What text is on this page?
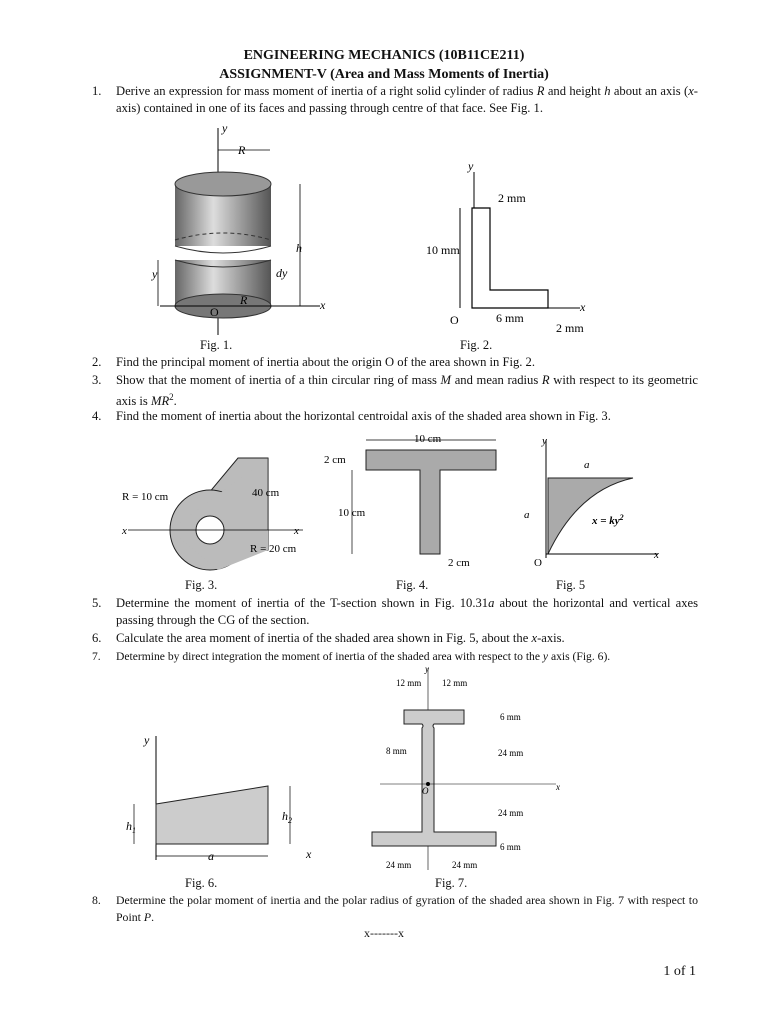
ENGINEERING MECHANICS (10B11CE211)
ASSIGNMENT-V (Area and Mass Moments of Inertia)
1.	Derive an expression for mass moment of inertia of a right solid cylinder of radius R and height h about an axis (x-axis) contained in one of its faces and passing through centre of that face. See Fig. 1.
y
R
h
dy
y
O
R	x
Fig. 1.
y
2 mm
10 mm
O	6 mm
x
2 mm
Fig. 2.
2.	Find the principal moment of inertia about the origin O of the area shown in Fig. 2.
3.	Show that the moment of inertia of a thin circular ring of mass M and mean radius R with respect to its geometric axis is $MR^2$.
4.	Find the moment of inertia about the horizontal centroidal axis of the shaded area shown in Fig. 3.
R = 10 cm	40 cm
x	x
R = 20 cm
Fig. 3.
10 cm
2 cm
10 cm
2 cm
Fig. 4.
y
a
a	$x = ky^2$
O
x
Fig. 5
5.	Determine the moment of inertia of the T-section shown in Fig. 10.31a about the horizontal and vertical axes passing through the CG of the section.
6.	Calculate the area moment of inertia of the shaded area shown in Fig. 5, about the x-axis.
7.	Determine by direct integration the moment of inertia of the shaded area with respect to the y axis (Fig. 6).
y
$h_1$
$h_2$
a	x
Fig. 6.
y
12 mm 12 mm
6 mm
8 mm	24 mm
O	x
24 mm
6 mm
24 mm	24 mm
Fig. 7.
8.	Determine the polar moment of inertia and the polar radius of gyration of the shaded area shown in Fig. 7 with respect to Point P.
x-------x
1 of 1
